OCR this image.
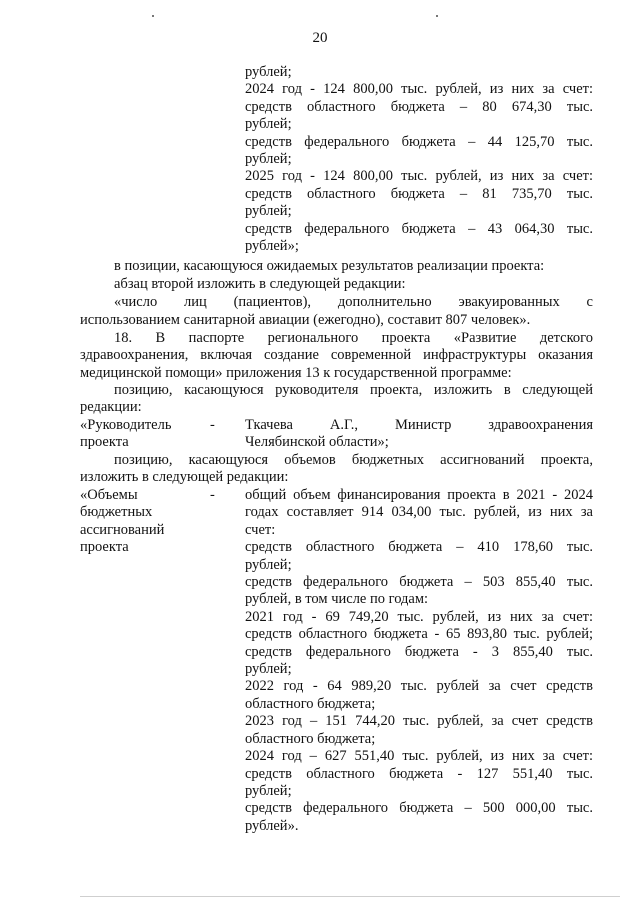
20
рублей;
2024 год - 124 800,00 тыс. рублей, из них за счет:
средств областного бюджета – 80 674,30 тыс.
рублей;
средств федерального бюджета – 44 125,70 тыс.
рублей;
2025 год - 124 800,00 тыс. рублей, из них за счет:
средств областного бюджета – 81 735,70 тыс.
рублей;
средств федерального бюджета – 43 064,30 тыс.
рублей»;
в позиции, касающуюся ожидаемых результатов реализации проекта:
абзац второй изложить в следующей редакции:
«число лиц (пациентов), дополнительно эвакуированных с
использованием санитарной авиации (ежегодно), составит 807 человек».
18. В паспорте регионального проекта «Развитие детского
здравоохранения, включая создание современной инфраструктуры оказания
медицинской помощи» приложения 13 к государственной программе:
позицию, касающуюся руководителя проекта, изложить в следующей
редакции:
«Руководитель
проекта
- Ткачева А.Г., Министр здравоохранения
Челябинской области»;
позицию, касающуюся объемов бюджетных ассигнований проекта,
изложить в следующей редакции:
«Объемы
бюджетных
ассигнований
проекта
- общий объем финансирования проекта в 2021 - 2024
годах составляет 914 034,00 тыс. рублей, из них за
счет:
средств областного бюджета – 410 178,60 тыс.
рублей;
средств федерального бюджета – 503 855,40 тыс.
рублей, в том числе по годам:
2021 год - 69 749,20 тыс. рублей, из них за счет:
средств областного бюджета - 65 893,80 тыс. рублей;
средств федерального бюджета - 3 855,40 тыс.
рублей;
2022 год - 64 989,20 тыс. рублей за счет средств
областного бюджета;
2023 год – 151 744,20 тыс. рублей, за счет средств
областного бюджета;
2024 год – 627 551,40 тыс. рублей, из них за счет:
средств областного бюджета - 127 551,40 тыс.
рублей;
средств федерального бюджета – 500 000,00 тыс.
рублей».
